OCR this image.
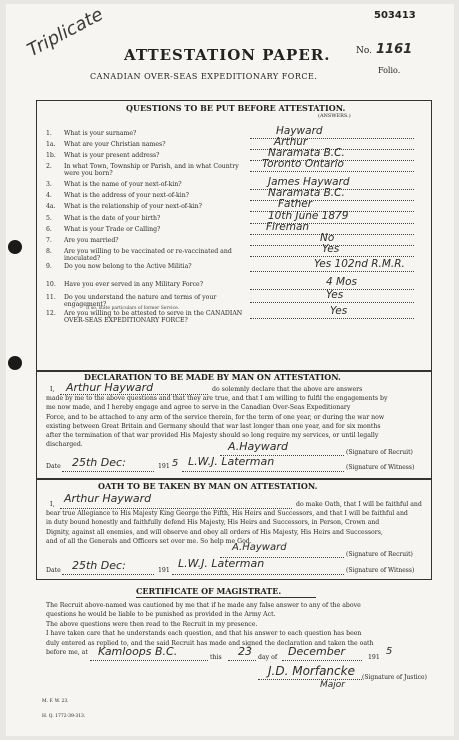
Triplicate	503413
No. 1161
Folio.
ATTESTATION PAPER.
CANADIAN OVER-SEAS EXPEDITIONARY FORCE.
QUESTIONS TO BE PUT BEFORE ATTESTATION.
(ANSWERS.)
1. What is your surname?	Hayward
1a. What are your Christian names?	Arthur
1b. What is your present address?	Naramata B.C.
2. In what Town, Township or Parish, and in what Country were you born?
Toronto Ontario
3. What is the name of your next-of-kin?	James Hayward
4. What is the address of your next-of-kin?	Naramata B.C.
4a. What is the relationship of your next-of-kin?	Father
5. What is the date of your birth?	10th June 1879
6. What is your Trade or Calling?	Fireman
7. Are you married?	No
8. Are you willing to be vaccinated or re-vaccinated and inoculated?
Yes
9. Do you now belong to the Active Militia?	Yes 102nd R.M.R.
10. Have you ever served in any Military Force?	4 Mos
11. Do you understand the nature and terms of your engagement?
Yes
12. Are you willing to be attested to serve in the CANADIAN OVER-SEAS EXPEDITIONARY FORCE?
Yes
If so, state particulars of former Service.
DECLARATION TO BE MADE BY MAN ON ATTESTATION.
I, Arthur Hayward	do solemnly declare that the above are answers
made by me to the above questions and that they are true, and that I am willing to fulfil the engagements by
me now made, and I hereby engage and agree to serve in the Canadian Over-Seas Expeditionary
Force, and to be attached to any arm of the service therein, for the term of one year, or during the war now
existing between Great Britain and Germany should that war last longer than one year, and for six months
after the termination of that war provided His Majesty should so long require my services, or until legally
discharged.	A.Hayward	(Signature of Recruit)
Date 25th Dec:	191 5 L.W.J. Laterman	(Signature of Witness)
OATH TO BE TAKEN BY MAN ON ATTESTATION.
I, Arthur Hayward	do make Oath, that I will be faithful and
bear true Allegiance to His Majesty King George the Fifth, His Heirs and Successors, and that I will be faithful and
in duty bound honestly and faithfully defend His Majesty, His Heirs and Successors, in Person, Crown and
Dignity, against all enemies, and will observe and obey all orders of His Majesty, His Heirs and Successors,
and of all the Generals and Officers set over me. So help me God.
A.Hayward
(Signature of Recruit)
Date 25th Dec:	191
L.W.J. Laterman
(Signature of Witness)
CERTIFICATE OF MAGISTRATE.
The Recruit above-named was cautioned by me that if he made any false answer to any of the above
questions he would be liable to be punished as provided in the Army Act.
The above questions were then read to the Recruit in my presence.
I have taken care that he understands each question, and that his answer to each question has been
duly entered as replied to, and the said Recruit has made and signed the declaration and taken the oath
before me, at Kamloops B.C.	this 23 day of December	191
5
J.D. Morfancke
Major
(Signature of Justice)
M. F. W. 23.
H. Q. 1772-39-313.
